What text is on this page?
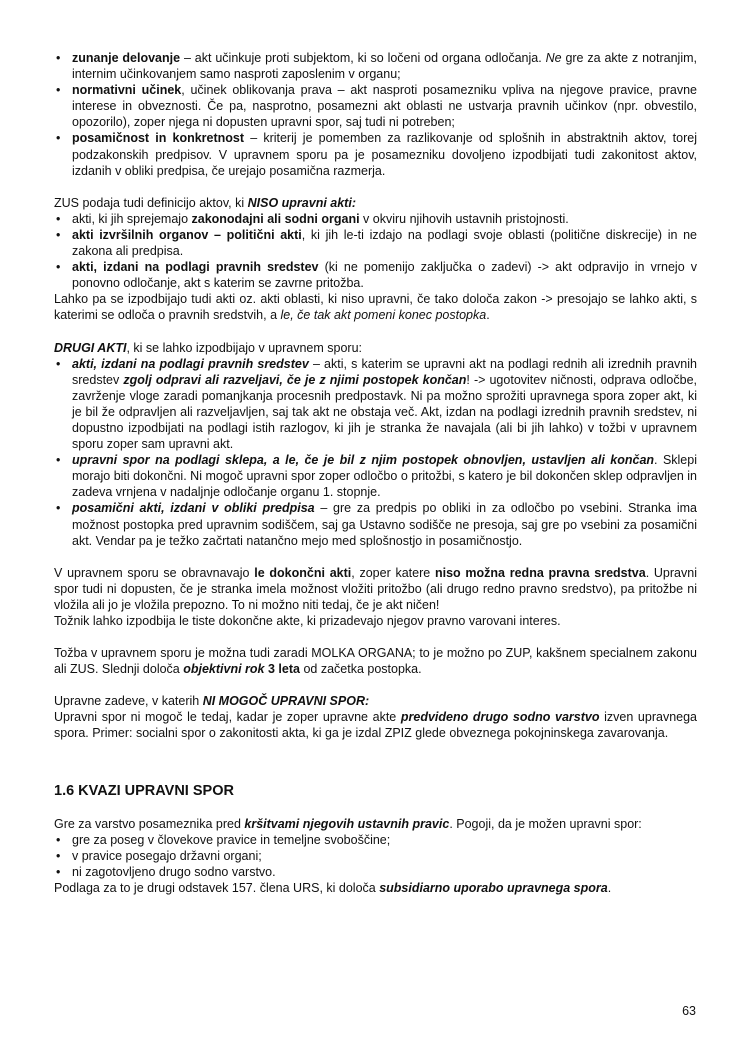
• zunanje delovanje – akt učinkuje proti subjektom, ki so ločeni od organa odločanja. Ne gre za akte z notranjim, internim učinkovanjem samo nasproti zaposlenim v organu;
• normativni učinek, učinek oblikovanja prava – akt nasproti posamezniku vpliva na njegove pravice, pravne interese in obveznosti. Če pa, nasprotno, posamezni akt oblasti ne ustvarja pravnih učinkov (npr. obvestilo, opozorilo), zoper njega ni dopusten upravni spor, saj tudi ni potreben;
• posamičnost in konkretnost – kriterij je pomemben za razlikovanje od splošnih in abstraktnih aktov, torej podzakonskih predpisov. V upravnem sporu pa je posamezniku dovoljeno izpodbijati tudi zakonitost aktov, izdanih v obliki predpisa, če urejajo posamična razmerja.

ZUS podaja tudi definicijo aktov, ki NISO upravni akti:

• akti, ki jih sprejemajo zakonodajni ali sodni organi v okviru njihovih ustavnih pristojnosti.
• akti izvršilnih organov – politični akti, ki jih le-ti izdajo na podlagi svoje oblasti (politične diskrecije) in ne zakona ali predpisa.
• akti, izdani na podlagi pravnih sredstev (ki ne pomenijo zaključka o zadevi) -> akt odpravijo in vrnejo v ponovno odločanje, akt s katerim se zavrne pritožba.

Lahko pa se izpodbijajo tudi akti oz. akti oblasti, ki niso upravni, če tako določa zakon -> presojajo se lahko akti, s katerimi se odloča o pravnih sredstvih, a le, če tak akt pomeni konec postopka.

DRUGI AKTI, ki se lahko izpodbijajo v upravnem sporu:

• akti, izdani na podlagi pravnih sredstev – akti, s katerim se upravni akt na podlagi rednih ali izrednih pravnih sredstev zgolj odpravi ali razveljavi, če je z njimi postopek končan! -> ugotovitev ničnosti, odprava odločbe, zavrženje vloge zaradi pomanjkanja procesnih predpostavk. Ni pa možno sprožiti upravnega spora zoper akt, ki je bil že odpravljen ali razveljavljen, saj tak akt ne obstaja več. Akt, izdan na podlagi izrednih pravnih sredstev, ni dopustno izpodbijati na podlagi istih razlogov, ki jih je stranka že navajala (ali bi jih lahko) v tožbi v upravnem sporu zoper sam upravni akt.
• upravni spor na podlagi sklepa, a le, če je bil z njim postopek obnovljen, ustavljen ali končan. Sklepi morajo biti dokončni. Ni mogoč upravni spor zoper odločbo o pritožbi, s katero je bil dokončen sklep odpravljen in zadeva vrnjena v nadaljnje odločanje organu 1. stopnje.
• posamični akti, izdani v obliki predpisa – gre za predpis po obliki in za odločbo po vsebini. Stranka ima možnost postopka pred upravnim sodiščem, saj ga Ustavno sodišče ne presoja, saj gre po vsebini za posamični akt. Vendar pa je težko začrtati natančno mejo med splošnostjo in posamičnostjo.

V upravnem sporu se obravnavajo le dokončni akti, zoper katere niso možna redna pravna sredstva. Upravni spor tudi ni dopusten, če je stranka imela možnost vložiti pritožbo (ali drugo redno pravno sredstvo), pa pritožbe ni vložila ali jo je vložila prepozno. To ni možno niti tedaj, če je akt ničen!

Tožnik lahko izpodbija le tiste dokončne akte, ki prizadevajo njegov pravno varovani interes.

Tožba v upravnem sporu je možna tudi zaradi MOLKA ORGANA; to je možno po ZUP, kakšnem specialnem zakonu ali ZUS. Slednji določa objektivni rok 3 leta od začetka postopka.

Upravne zadeve, v katerih NI MOGOČ UPRAVNI SPOR:

Upravni spor ni mogoč le tedaj, kadar je zoper upravne akte predvideno drugo sodno varstvo izven upravnega spora. Primer: socialni spor o zakonitosti akta, ki ga je izdal ZPIZ glede obveznega pokojninskega zavarovanja.

1.6 KVAZI UPRAVNI SPOR

Gre za varstvo posameznika pred kršitvami njegovih ustavnih pravic. Pogoji, da je možen upravni spor:

• gre za poseg v človekove pravice in temeljne svoboščine;
• v pravice posegajo državni organi;
• ni zagotovljeno drugo sodno varstvo.

Podlaga za to je drugi odstavek 157. člena URS, ki določa subsidiarno uporabo upravnega spora.

63
